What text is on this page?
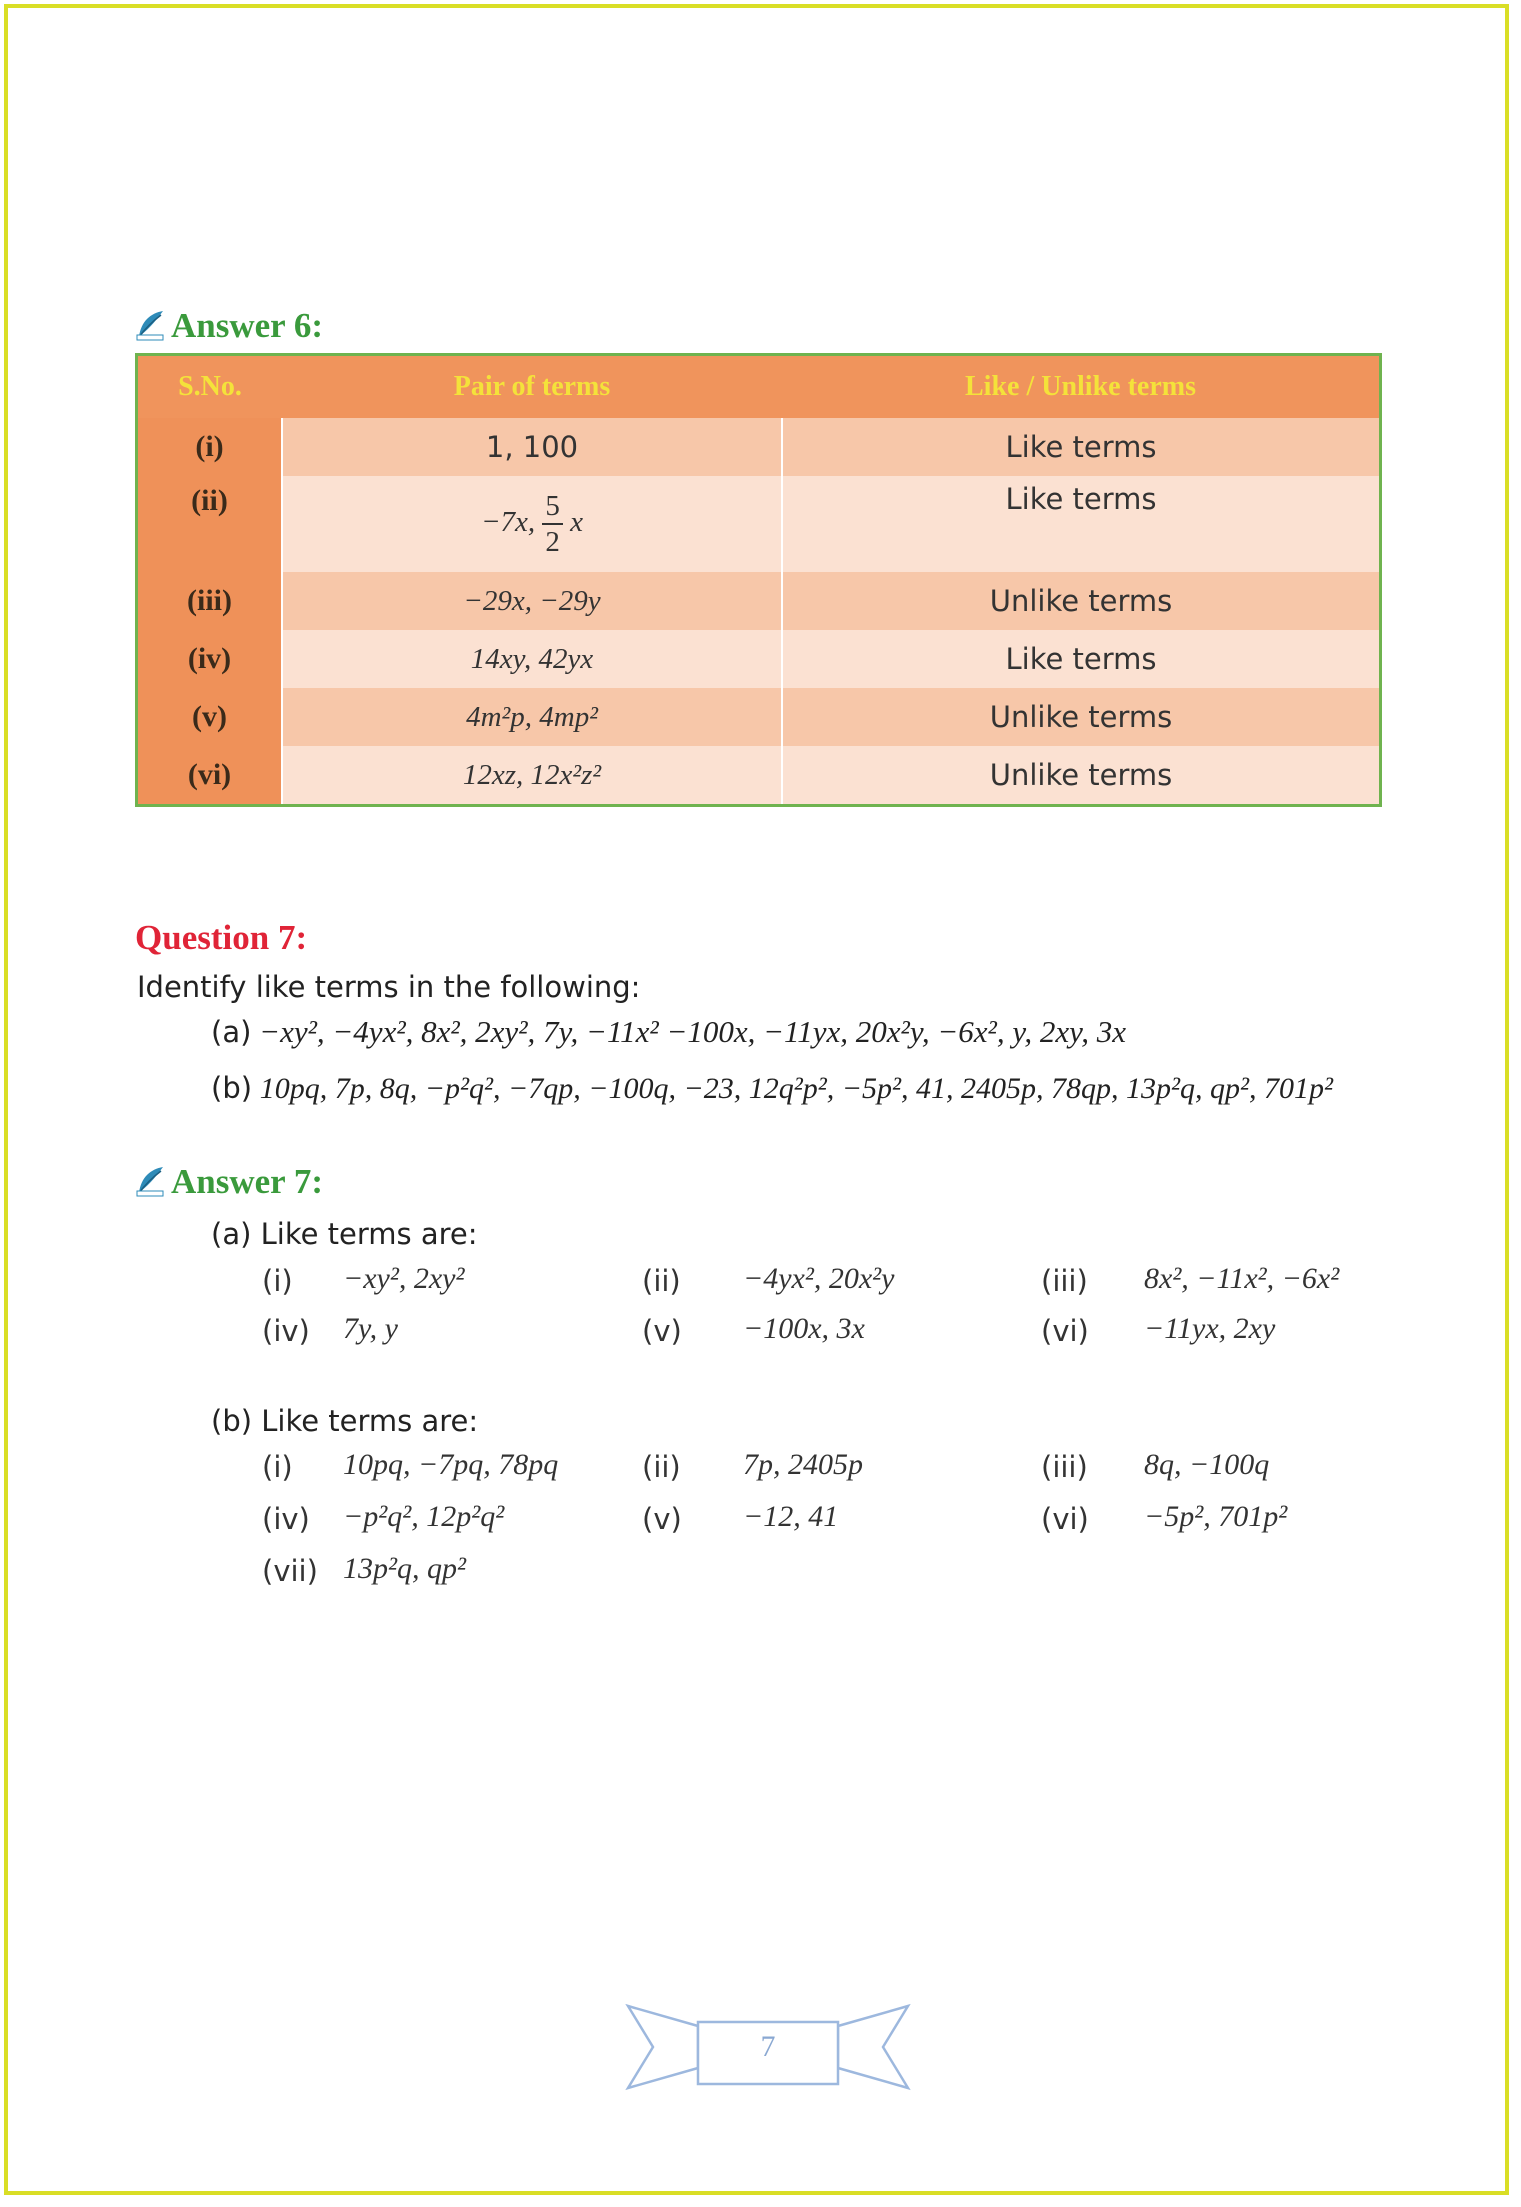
Answer 6:
S.No.	Pair of terms	Like / Unlike terms
(i)	1, 100	Like terms
(ii)	−7x, $\frac{5}{2}$ x	Like terms
(iii)	−29x, −29y	Unlike terms
(iv)	14xy, 42yx	Like terms
(v)	4m²p, 4mp²	Unlike terms
(vi)	12xz, 12x²z²	Unlike terms
Question 7:
Identify like terms in the following:
(a) −xy², −4yx², 8x², 2xy², 7y, −11x² −100x, −11yx, 20x²y, −6x², y, 2xy, 3x
(b) 10pq, 7p, 8q, −p²q², −7qp, −100q, −23, 12q²p², −5p², 41, 2405p, 78qp, 13p²q, qp², 701p²
Answer 7:
(a) Like terms are:
(i) −xy², 2xy²	(ii) −4yx², 20x²y	(iii) 8x², −11x², −6x²
(iv) 7y, y	(v) −100x, 3x	(vi) −11yx, 2xy
(b) Like terms are:
(i) 10pq, −7pq, 78pq	(ii) 7p, 2405p	(iii) 8q, −100q
(iv) −p²q², 12p²q²	(v) −12, 41	(vi) −5p², 701p²
(vii) 13p²q, qp²
7
